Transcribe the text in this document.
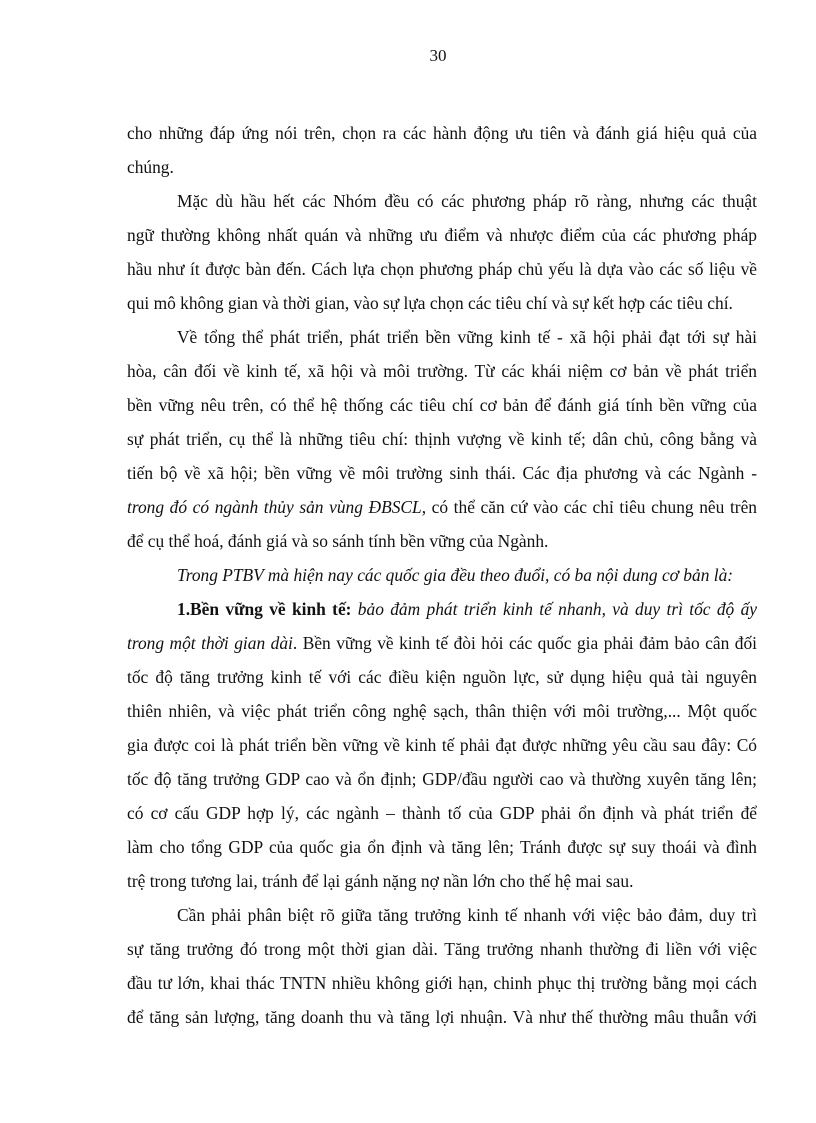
30
cho những đáp ứng nói trên, chọn ra các hành động ưu tiên và đánh giá hiệu quả của
chúng.
Mặc dù hầu hết các Nhóm đều có các phương pháp rõ ràng, nhưng các thuật
ngữ thường không nhất quán và những ưu điểm và nhược điểm của các phương pháp
hầu như ít được bàn đến. Cách lựa chọn phương pháp chủ yếu là dựa vào các số liệu về
qui mô không gian và thời gian, vào sự lựa chọn các tiêu chí và sự kết hợp các tiêu chí.
Về tổng thể phát triển, phát triển bền vững kinh tế - xã hội phải đạt tới sự hài
hòa, cân đối về kinh tế, xã hội và môi trường. Từ các khái niệm cơ bản về phát triển
bền vững nêu trên, có thể hệ thống các tiêu chí cơ bản để đánh giá tính bền vững của
sự phát triển, cụ thể là những tiêu chí: thịnh vượng về kinh tế; dân chủ, công bằng và
tiến bộ về xã hội; bền vững về môi trường sinh thái. Các địa phương và các Ngành -
trong đó có ngành thủy sản vùng ĐBSCL, có thể căn cứ vào các chỉ tiêu chung nêu trên
để cụ thể hoá, đánh giá và so sánh tính bền vững của Ngành.
Trong PTBV mà hiện nay các quốc gia đều theo đuổi, có ba nội dung cơ bản là:
1.Bền vững về kinh tế: bảo đảm phát triển kinh tế nhanh, và duy trì tốc độ ấy
trong một thời gian dài. Bền vững về kinh tế đòi hỏi các quốc gia phải đảm bảo cân đối
tốc độ tăng trưởng kinh tế với các điều kiện nguồn lực, sử dụng hiệu quả tài nguyên
thiên nhiên, và việc phát triển công nghệ sạch, thân thiện với môi trường,... Một quốc
gia được coi là phát triển bền vững về kinh tế phải đạt được những yêu cầu sau đây: Có
tốc độ tăng trưởng GDP cao và ổn định; GDP/đầu người cao và thường xuyên tăng lên;
có cơ cấu GDP hợp lý, các ngành – thành tố của GDP phải ổn định và phát triển để
làm cho tổng GDP của quốc gia ổn định và tăng lên; Tránh được sự suy thoái và đình
trệ trong tương lai, tránh để lại gánh nặng nợ nần lớn cho thế hệ mai sau.
Cần phải phân biệt rõ giữa tăng trưởng kinh tế nhanh với việc bảo đảm, duy trì
sự tăng trưởng đó trong một thời gian dài. Tăng trưởng nhanh thường đi liền với việc
đầu tư lớn, khai thác TNTN nhiều không giới hạn, chinh phục thị trường bằng mọi cách
để tăng sản lượng, tăng doanh thu và tăng lợi nhuận. Và như thế thường mâu thuẫn với
